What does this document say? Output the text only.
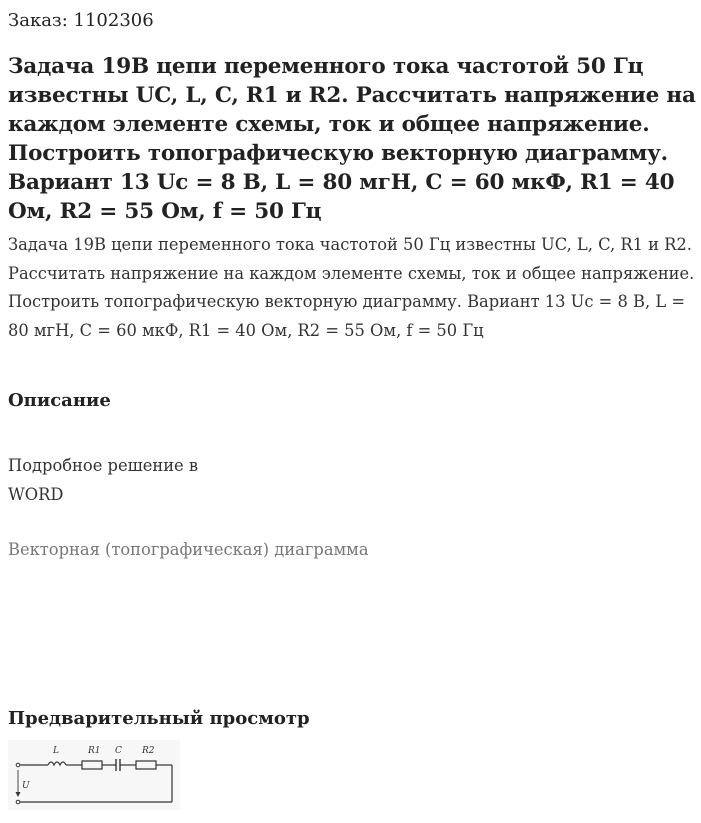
Заказ: 1102306
Задача 19В цепи переменного тока частотой 50 Гц известны UC, L, C, R1 и R2. Рассчитать напряжение на каждом элементе схемы, ток и общее напряжение. Построить топографическую векторную диаграмму. Вариант 13 Uc = 8 В, L = 80 мгН, С = 60 мкФ, R1 = 40 Ом, R2 = 55 Ом, f = 50 Гц

Задача 19В цепи переменного тока частотой 50 Гц известны UC, L, C, R1 и R2. Рассчитать напряжение на каждом элементе схемы, ток и общее напряжение. Построить топографическую векторную диаграмму. Вариант 13 Uc = 8 В, L = 80 мгН, С = 60 мкФ, R1 = 40 Ом, R2 = 55 Ом, f = 50 Гц

Описание
Подробное решение в
WORD
Векторная (топографическая) диаграмма
Предварительный просмотр
L	R1 C R2
U
